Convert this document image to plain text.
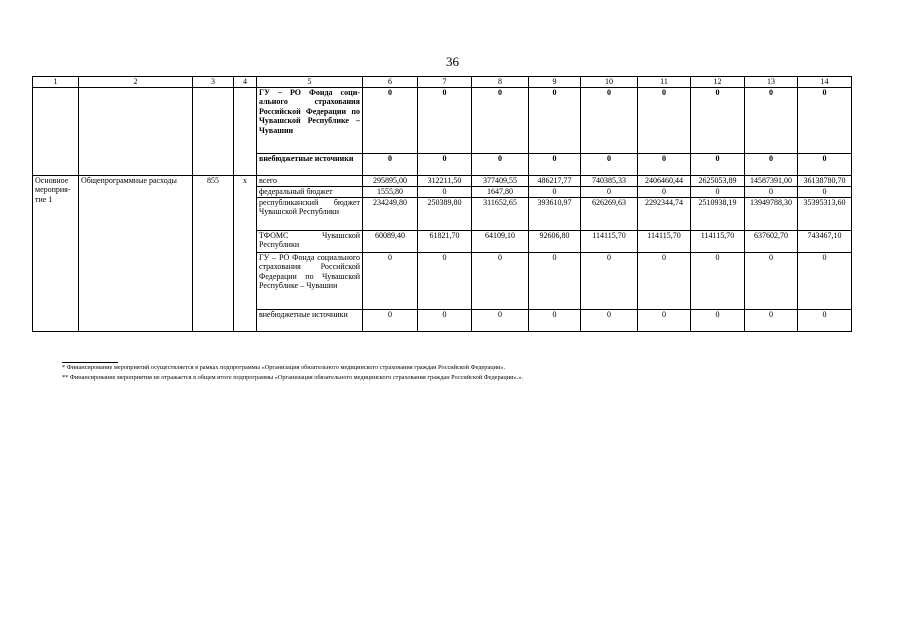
36
1	2	3	4	5	6	7	8	9	10	11	12	13	14
				ГУ – РО Фонда социального страхования Российской Федерации по Чувашской Республике – Чувашии	0	0	0	0	0	0	0	0	0
				внебюджетные источники	0	0	0	0	0	0	0	0	0
Основное мероприятие 1	Общепрограммные расходы	855	x	всего	295895,00	312211,50	377409,55	486217,77	740385,33	2406460,44	2625053,89	14587391,00	36138780,70
				федеральный бюджет	1555,80	0	1647,80	0	0	0	0	0	0
				республиканский бюджет Чувашской Республики	234249,80	250389,80	311652,65	393610,97	626269,63	2292344,74	2510938,19	13949788,30	35395313,60
				ТФОМС Чувашской Республики	60089,40	61821,70	64109,10	92606,80	114115,70	114115,70	114115,70	637602,70	743467,10
				ГУ – РО Фонда социального страхования Российской Федерации по Чувашской Республике – Чувашии	0	0	0	0	0	0	0	0	0
				внебюджетные источники	0	0	0	0	0	0	0	0	0
* Финансирование мероприятий осуществляется в рамках подпрограммы «Организация обязательного медицинского страхования граждан Российской Федерации».
** Финансирование мероприятия не отражается в общем итоге подпрограммы «Организация обязательного медицинского страхования граждан Российской Федерации».».
